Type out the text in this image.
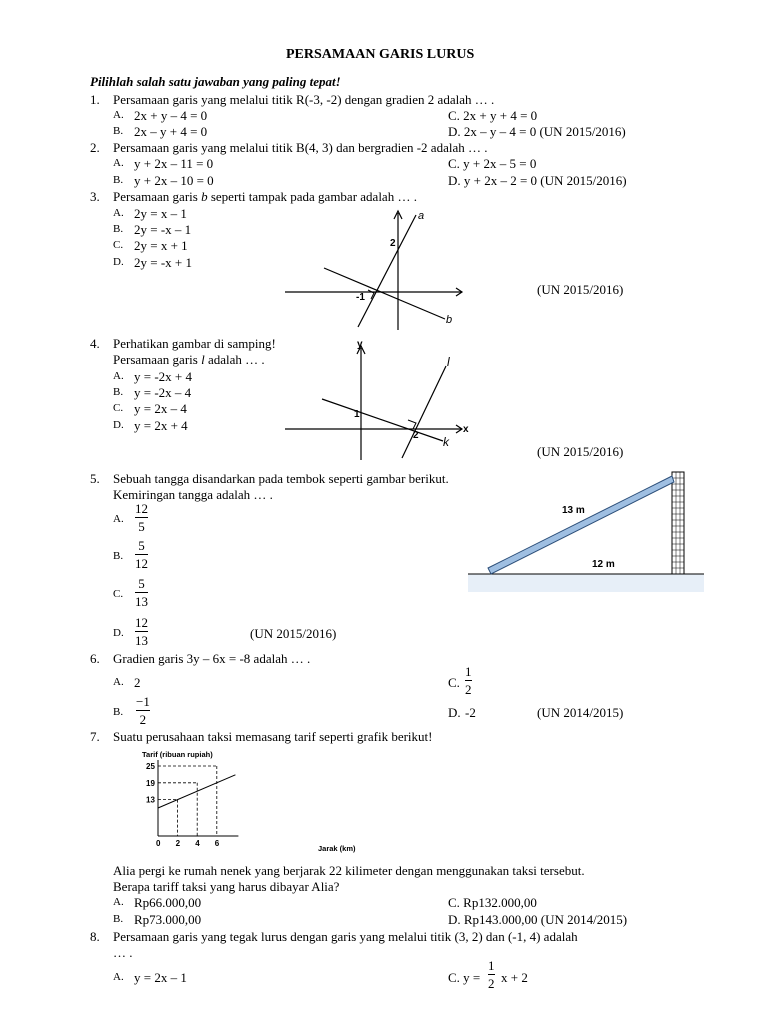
PERSAMAAN GARIS LURUS
Pilihlah salah satu jawaban yang paling tepat!
1. Persamaan garis yang melalui titik R(-3, -2) dengan gradien 2 adalah … .
A. 2x + y – 4 = 0	C. 2x + y + 4 = 0
B. 2x – y + 4 = 0	D. 2x – y – 4 = 0 (UN 2015/2016)
2. Persamaan garis yang melalui titik B(4, 3) dan bergradien -2 adalah … .
A. y + 2x – 11 = 0	C. y + 2x – 5 = 0
B. y + 2x – 10 = 0	D. y + 2x – 2 = 0 (UN 2015/2016)
3. Persamaan garis b seperti tampak pada gambar adalah … .
A. 2y = x – 1
B. 2y = -x – 1
C. 2y = x + 1
D. 2y = -x + 1
(UN 2015/2016)
a
b
2
-1
4. Perhatikan gambar di samping!
Persamaan garis l adalah … .
A. y = -2x + 4
B. y = -2x – 4
C. y = 2x – 4
D. y = 2x + 4
(UN 2015/2016)
y
x
l
k
1
2
5. Sebuah tangga disandarkan pada tembok seperti gambar berikut.
Kemiringan tangga adalah … .
A.
12
5
B.
5
12
C.
5
13
D.
12
13	(UN 2015/2016)
13 m
12 m
6. Gradien garis 3y – 6x = -8 adalah … .
A. 2	C.
1
2
B.
−1
2	D. -2	(UN 2014/2015)
7. Suatu perusahaan taksi memasang tarif seperti grafik berikut!
Tarif (ribuan rupiah)
Jarak (km)
13
19
25
0 2 4 6
Alia pergi ke rumah nenek yang berjarak 22 kilimeter dengan menggunakan taksi tersebut.
Berapa tariff taksi yang harus dibayar Alia?
A. Rp66.000,00	C. Rp132.000,00
B. Rp73.000,00	D. Rp143.000,00 (UN 2014/2015)
8. Persamaan garis yang tegak lurus dengan garis yang melalui titik (3, 2) dan (-1, 4) adalah
… .
A. y = 2x – 1	C. y =
1
2 x + 2
